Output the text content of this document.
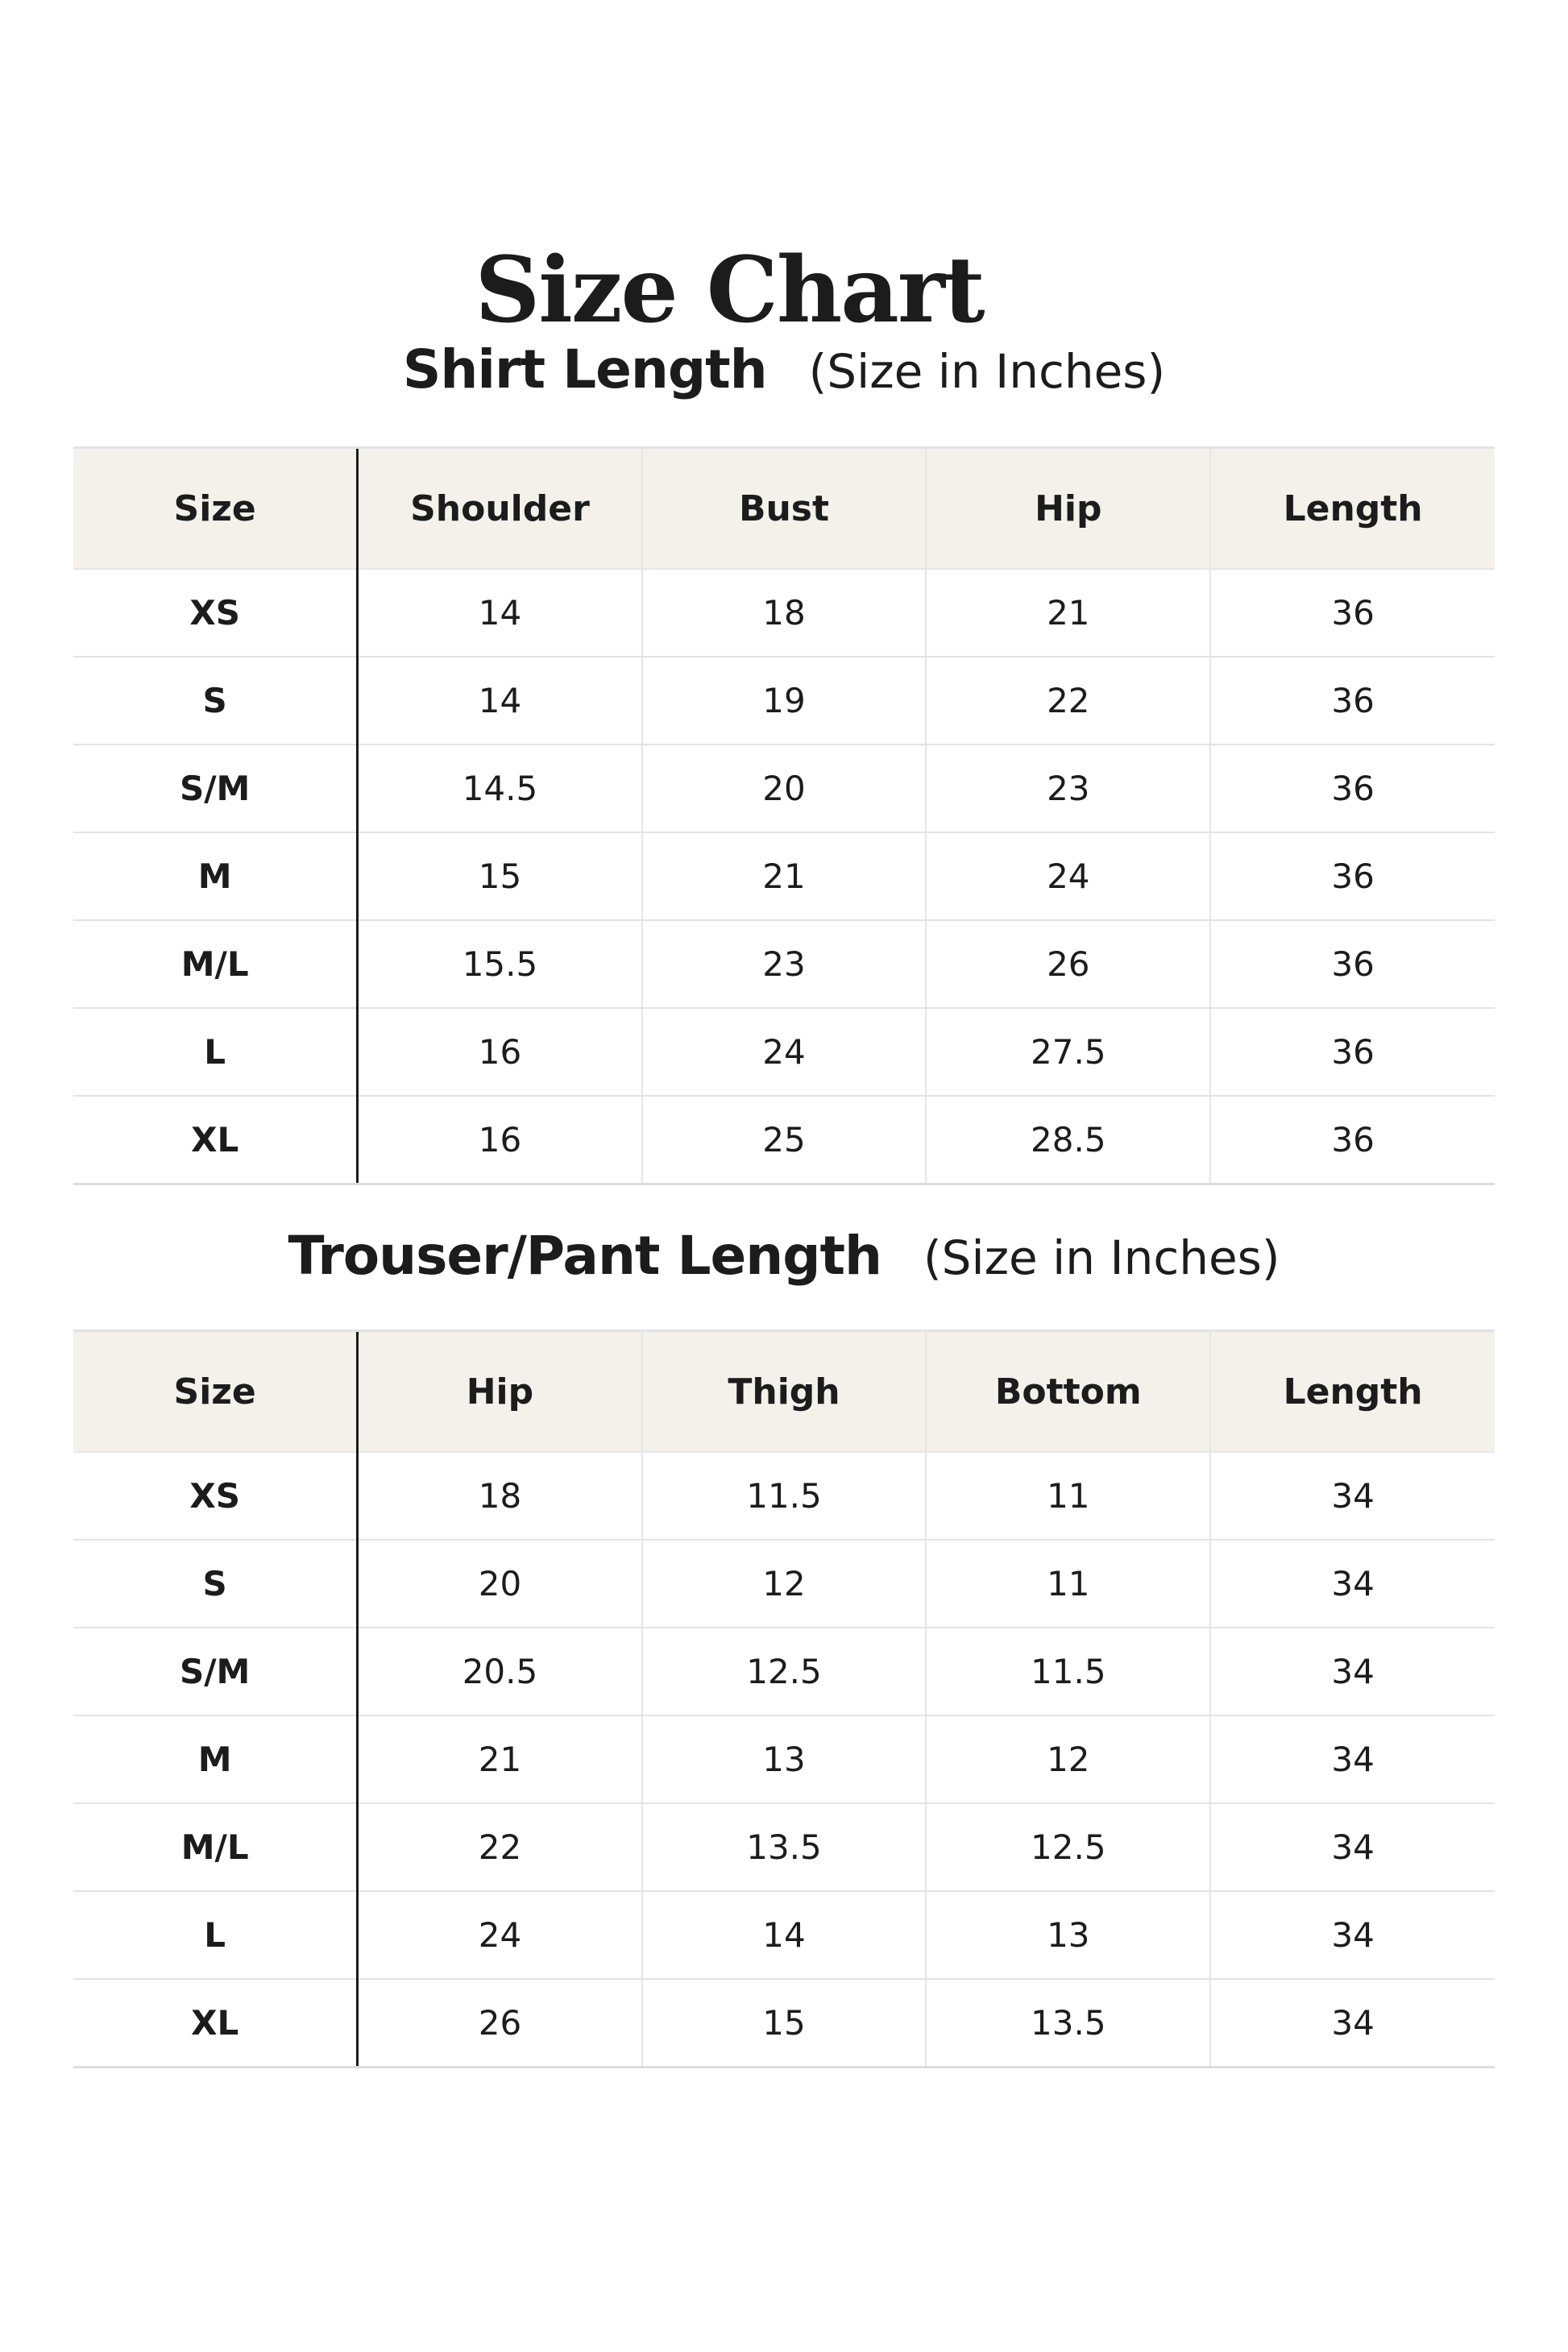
Size Chart
Shirt Length (Size in Inches)
Size	Shoulder	Bust	Hip	Length
XS	14	18	21	36
S	14	19	22	36
S/M	14.5	20	23	36
M	15	21	24	36
M/L	15.5	23	26	36
L	16	24	27.5	36
XL	16	25	28.5	36
Trouser/Pant Length (Size in Inches)
Size	Hip	Thigh	Bottom	Length
XS	18	11.5	11	34
S	20	12	11	34
S/M	20.5	12.5	11.5	34
M	21	13	12	34
M/L	22	13.5	12.5	34
L	24	14	13	34
XL	26	15	13.5	34
